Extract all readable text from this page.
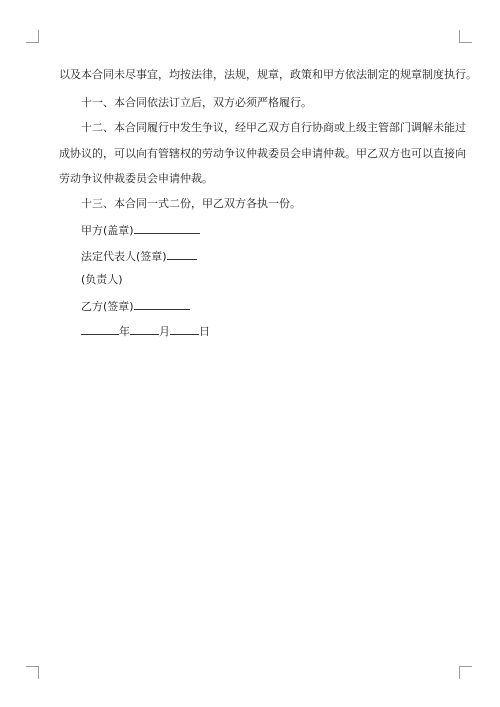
以及本合同未尽事宜，均按法律，法规，规章，政策和甲方依法制定的规章制度执行。
十一、本合同依法订立后，双方必须严格履行。
十二、本合同履行中发生争议，经甲乙双方自行协商或上级主管部门调解未能过
成协议的，可以向有管辖权的劳动争议仲裁委员会申请仲裁。甲乙双方也可以直接向
劳动争议仲裁委员会申请仲裁。
十三、本合同一式二份，甲乙双方各执一份。
甲方(盖章)
法定代表人(签章)
(负责人)
乙方(签章)
年	月	日
